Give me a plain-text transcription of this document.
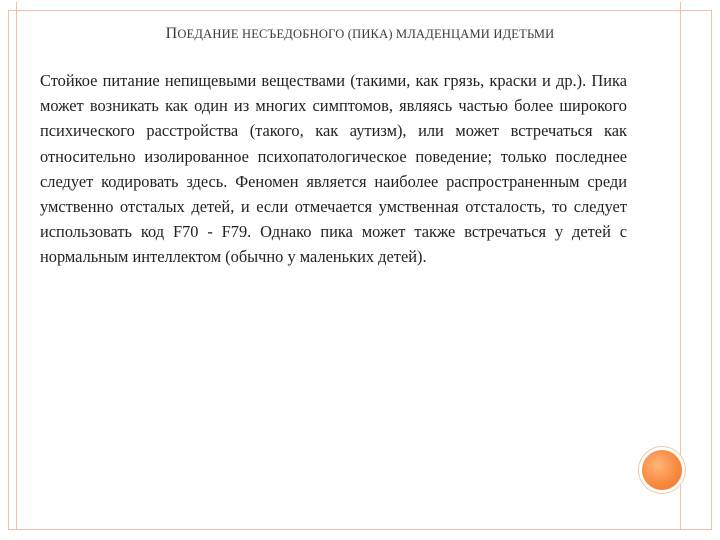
ПОЕДАНИЕ НЕСЪЕДОБНОГО (ПИКА) МЛАДЕНЦАМИ ИДЕТЬМИ

Стойкое питание непищевыми веществами (такими, как грязь, краски и др.). Пика может возникать как один из многих симптомов, являясь частью более широкого психического расстройства (такого, как аутизм), или может встречаться как относительно изолированное психопатологическое поведение; только последнее следует кодировать здесь. Феномен является наиболее распространенным среди умственно отсталых детей, и если отмечается умственная отсталость, то следует использовать код F70 - F79. Однако пика может также встречаться у детей с нормальным интеллектом (обычно у маленьких детей).
